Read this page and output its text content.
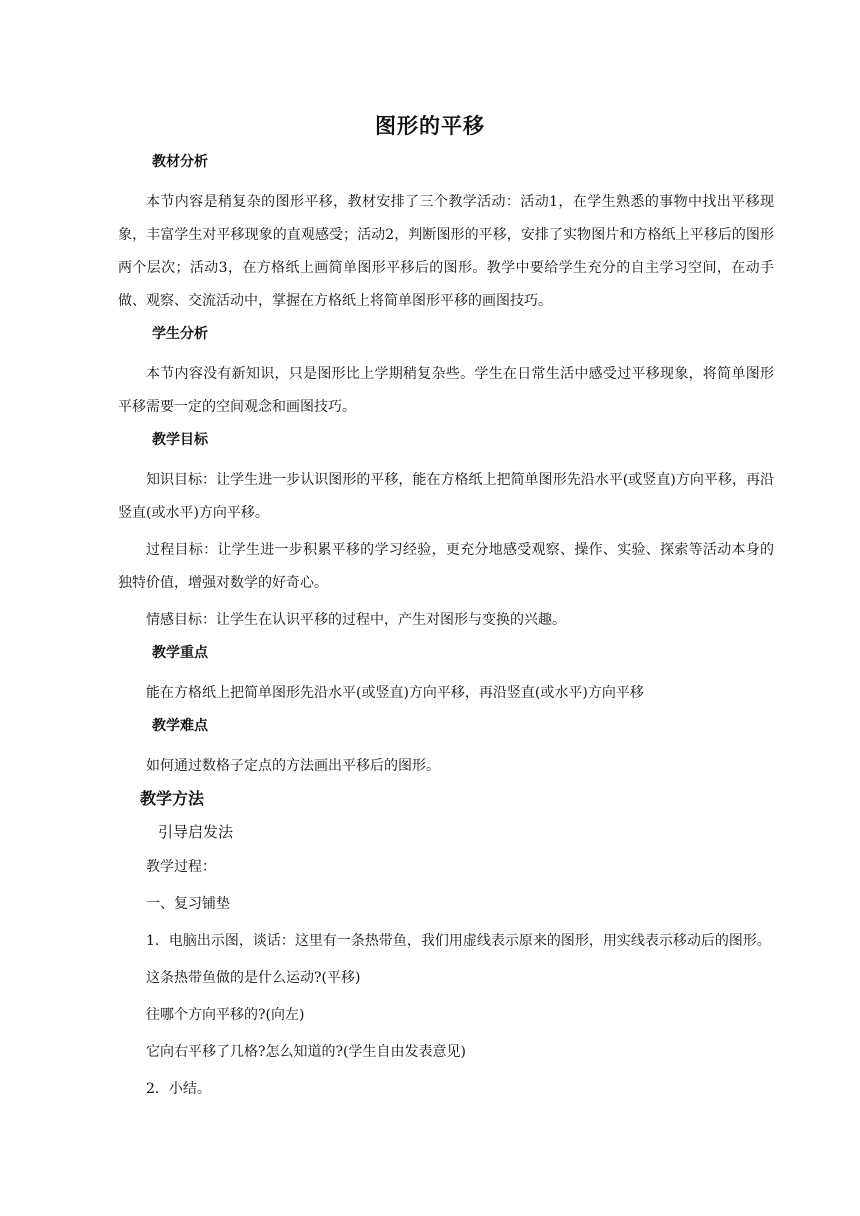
图形的平移
教材分析
本节内容是稍复杂的图形平移，教材安排了三个教学活动：活动1，在学生熟悉的事物中找出平移现象，丰富学生对平移现象的直观感受；活动2，判断图形的平移，安排了实物图片和方格纸上平移后的图形两个层次；活动3，在方格纸上画简单图形平移后的图形。教学中要给学生充分的自主学习空间，在动手做、观察、交流活动中，掌握在方格纸上将简单图形平移的画图技巧。
学生分析
本节内容没有新知识，只是图形比上学期稍复杂些。学生在日常生活中感受过平移现象，将简单图形平移需要一定的空间观念和画图技巧。
教学目标
知识目标：让学生进一步认识图形的平移，能在方格纸上把简单图形先沿水平(或竖直)方向平移，再沿竖直(或水平)方向平移。
过程目标：让学生进一步积累平移的学习经验，更充分地感受观察、操作、实验、探索等活动本身的独特价值，增强对数学的好奇心。
情感目标：让学生在认识平移的过程中，产生对图形与变换的兴趣。
教学重点
能在方格纸上把简单图形先沿水平(或竖直)方向平移，再沿竖直(或水平)方向平移
教学难点
如何通过数格子定点的方法画出平移后的图形。
教学方法
引导启发法
教学过程：
一、复习铺垫
1．电脑出示图，谈话：这里有一条热带鱼，我们用虚线表示原来的图形，用实线表示移动后的图形。
这条热带鱼做的是什么运动?(平移)
往哪个方向平移的?(向左)
它向右平移了几格?怎么知道的?(学生自由发表意见)
2．小结。
